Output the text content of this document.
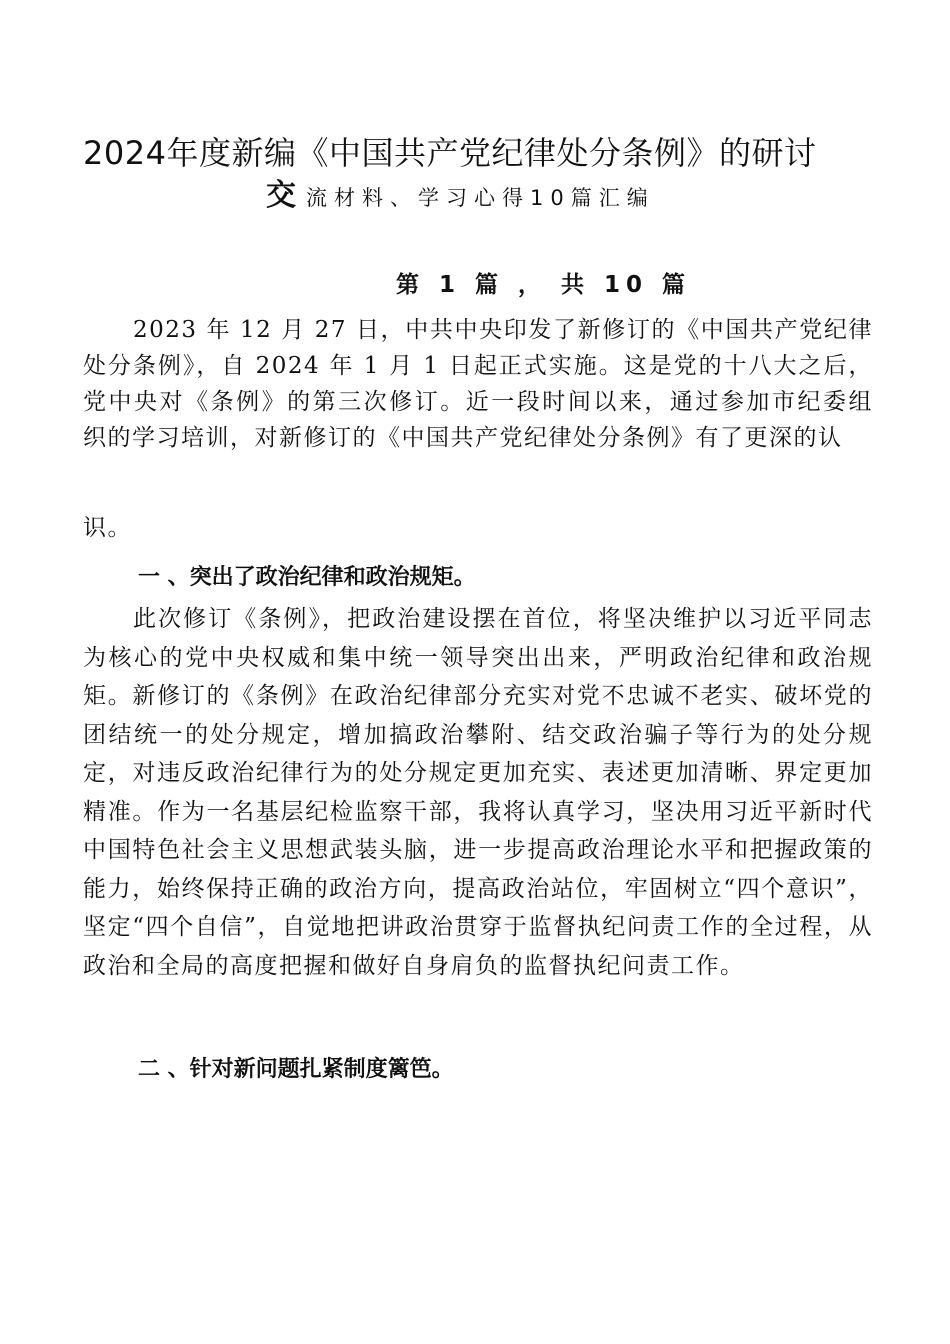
2024年度新编《中国共产党纪律处分条例》的研讨
交 流材料、学习心得10篇汇编
第 1 篇 ， 共 10 篇
2023 年 12 月 27 日，中共中央印发了新修订的《中国共产党纪律 处分条例》，自 2024 年 1 月 1 日起正式实施。这是党的十八大之后， 党中央对《条例》的第三次修订。近一段时间以来，通过参加市纪委组 织的学习培训，对新修订的《中国共产党纪律处分条例》有了更深的认
识。
一 、突出了政治纪律和政治规矩。
此次修订《条例》，把政治建设摆在首位，将坚决维护以习近平同志为核心的党中央权威和集中统一领导突出出来，严明政治纪律和政治规矩。新修订的《条例》在政治纪律部分充实对党不忠诚不老实、破坏党的团结统一的处分规定，增加搞政治攀附、结交政治骗子等行为的处分规定，对违反政治纪律行为的处分规定更加充实、表述更加清晰、界定更加精准。作为一名基层纪检监察干部，我将认真学习，坚决用习近平新时代中国特色社会主义思想武装头脑，进一步提高政治理论水平和把握政策的能力，始终保持正确的政治方向，提高政治站位，牢固树立“四个意识”，坚定“四个自信”，自觉地把讲政治贯穿于监督执纪问责工作的全过程，从政治和全局的高度把握和做好自身肩负的监督执纪问责工作。
二 、针对新问题扎紧制度篱笆。
